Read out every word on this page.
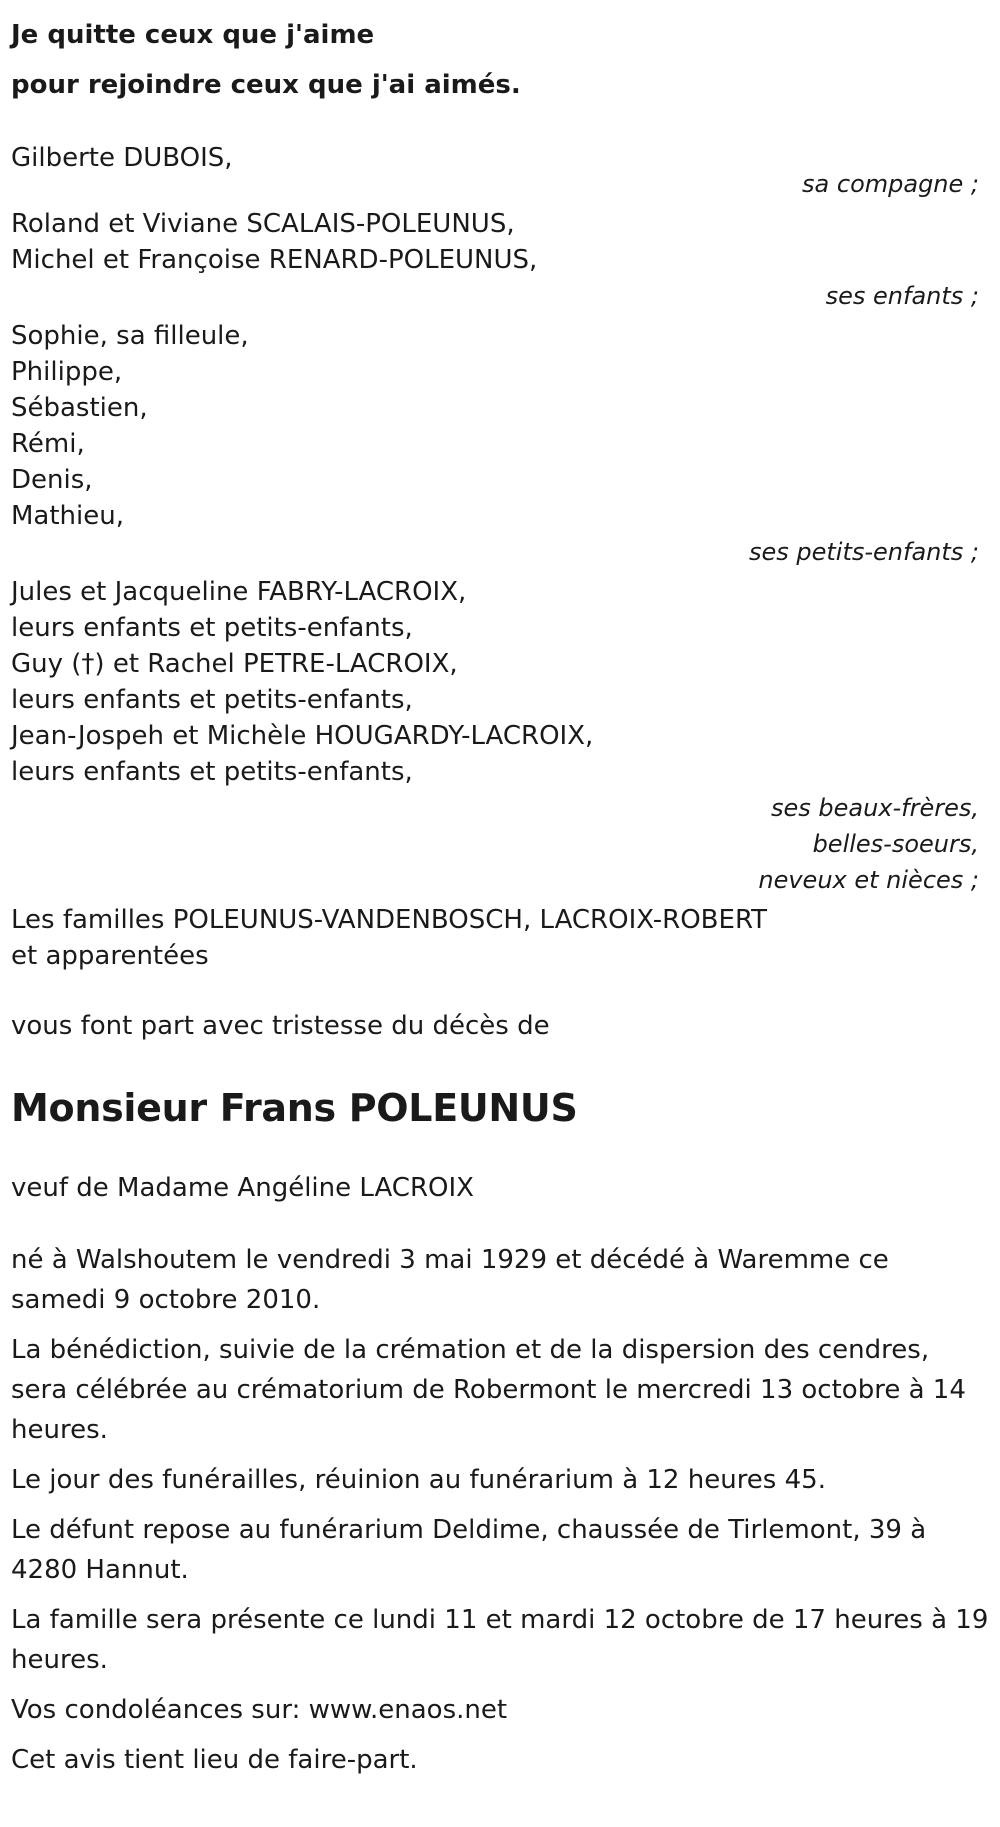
Je quitte ceux que j'aime

pour rejoindre ceux que j'ai aimés.

Gilberte DUBOIS,

sa compagne ;

Roland et Viviane SCALAIS-POLEUNUS,

Michel et Françoise RENARD-POLEUNUS,

ses enfants ;

Sophie, sa filleule,

Philippe,

Sébastien,

Rémi,

Denis,

Mathieu,

ses petits-enfants ;

Jules et Jacqueline FABRY-LACROIX,

leurs enfants et petits-enfants,

Guy (†) et Rachel PETRE-LACROIX,

leurs enfants et petits-enfants,

Jean-Jospeh et Michèle HOUGARDY-LACROIX,

leurs enfants et petits-enfants,

ses beaux-frères,

belles-soeurs,

neveux et nièces ;

Les familles POLEUNUS-VANDENBOSCH, LACROIX-ROBERT

et apparentées

vous font part avec tristesse du décès de

Monsieur Frans POLEUNUS

veuf de Madame Angéline LACROIX

né à Walshoutem le vendredi 3 mai 1929 et décédé à Waremme ce samedi 9 octobre 2010.

La bénédiction, suivie de la crémation et de la dispersion des cendres, sera célébrée au crématorium de Robermont le mercredi 13 octobre à 14 heures.

Le jour des funérailles, réuinion au funérarium à 12 heures 45.

Le défunt repose au funérarium Deldime, chaussée de Tirlemont, 39 à 4280 Hannut.

La famille sera présente ce lundi 11 et mardi 12 octobre de 17 heures à 19 heures.

Vos condoléances sur: www.enaos.net

Cet avis tient lieu de faire-part.
